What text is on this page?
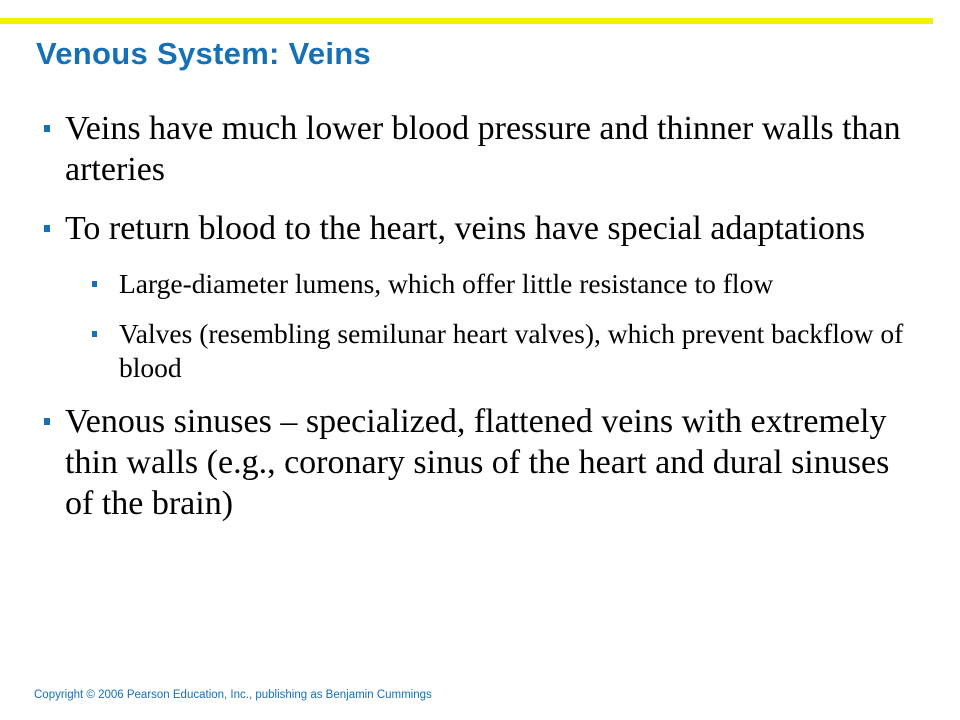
Venous System: Veins
Veins have much lower blood pressure and thinner walls than arteries
To return blood to the heart, veins have special adaptations
Large-diameter lumens, which offer little resistance to flow
Valves (resembling semilunar heart valves), which prevent backflow of blood
Venous sinuses – specialized, flattened veins with extremely thin walls (e.g., coronary sinus of the heart and dural sinuses of the brain)
Copyright © 2006 Pearson Education, Inc., publishing as Benjamin Cummings
